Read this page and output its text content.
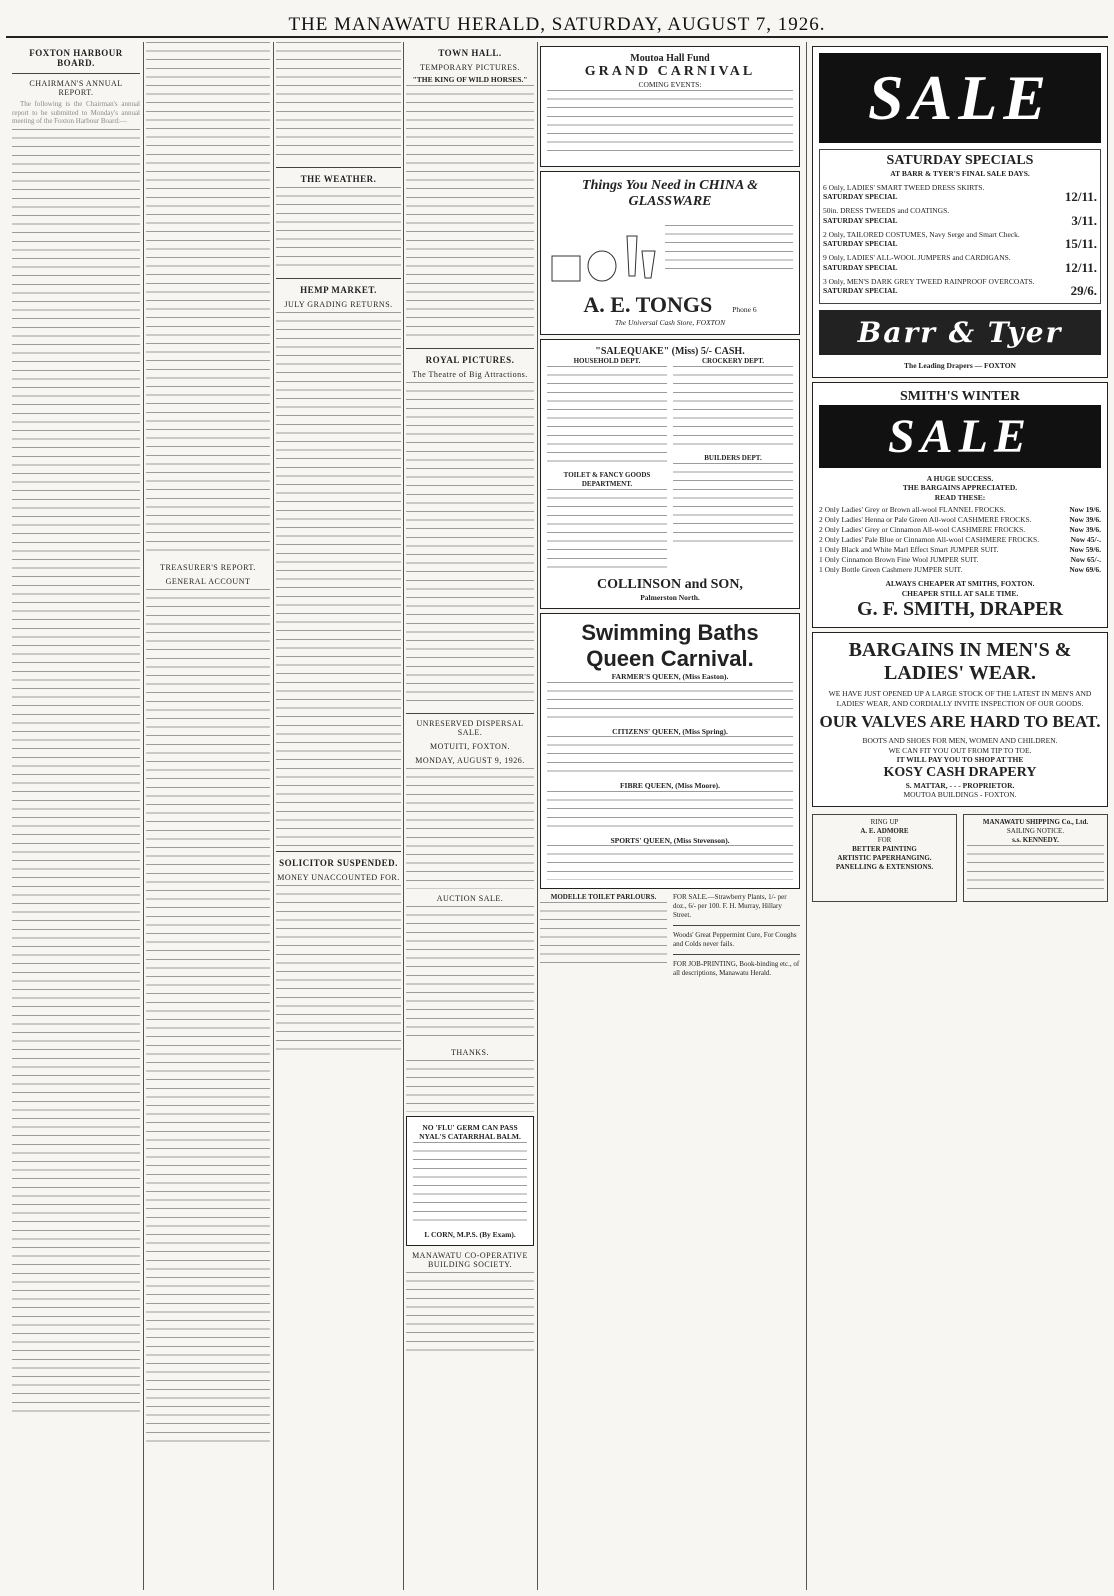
THE MANAWATU HERALD, SATURDAY, AUGUST 7, 1926.
FOXTON HARBOUR BOARD.
CHAIRMAN'S ANNUAL REPORT.

The following is the Chairman's annual report to be submitted to Monday's annual meeting of the Foxton Harbour Board:—

TREASURER'S REPORT.
GENERAL ACCOUNT
THE WEATHER.
HEMP MARKET.
JULY GRADING RETURNS.
SOLICITOR SUSPENDED.
MONEY UNACCOUNTED FOR.
TOWN HALL.
TEMPORARY PICTURES.
"THE KING OF WILD HORSES."
ROYAL PICTURES.
The Theatre of Big Attractions.
UNRESERVED DISPERSAL SALE.
MOTUITI, FOXTON.
MONDAY, AUGUST 9, 1926.
AUCTION SALE.
THANKS.
NO 'FLU' GERM CAN PASS
NYAL'S CATARRHAL BALM.
I. CORN, M.P.S. (By Exam).
MANAWATU CO-OPERATIVE BUILDING SOCIETY.
Moutoa Hall Fund
GRAND CARNIVAL
COMING EVENTS:
Things You Need in CHINA & GLASSWARE
A. E. TONGS	Phone 6
The Universal Cash Store, FOXTON
"SALEQUAKE" (Miss) 5/- CASH.
HOUSEHOLD DEPT.
TOILET & FANCY GOODS DEPARTMENT.
CROCKERY DEPT.
BUILDERS DEPT.
COLLINSON and SON,
Palmerston North.
Swimming Baths Queen Carnival.
FARMER'S QUEEN, (Miss Easton).
CITIZENS' QUEEN, (Miss Spring).
FIBRE QUEEN, (Miss Moore).
SPORTS' QUEEN, (Miss Stevenson).
MODELLE TOILET PARLOURS.	FOR SALE.—Strawberry Plants, 1/- per doz., 6/- per 100. F. H. Murray, Hillary Street.
Woods' Great Peppermint Cure, For Coughs and Colds never fails.
FOR JOB-PRINTING, Book-binding etc., of all descriptions, Manawatu Herald.
SALE
SATURDAY SPECIALS
AT BARR & TYER'S FINAL SALE DAYS.
6 Only, LADIES' SMART TWEED DRESS SKIRTS.
SATURDAY SPECIAL	12/11.
50in. DRESS TWEEDS and COATINGS.
SATURDAY SPECIAL	3/11.
2 Only, TAILORED COSTUMES, Navy Serge and Smart Check.
SATURDAY SPECIAL	15/11.
9 Only, LADIES' ALL-WOOL JUMPERS and CARDIGANS.
SATURDAY SPECIAL	12/11.
3 Only, MEN'S DARK GREY TWEED RAINPROOF OVERCOATS.
SATURDAY SPECIAL	29/6.
Barr & Tyer
The Leading Drapers — FOXTON
SMITH'S WINTER
SALE
A HUGE SUCCESS.
THE BARGAINS APPRECIATED.
READ THESE:
2 Only Ladies' Grey or Brown all-wool FLANNEL FROCKS.	Now 19/6.
2 Only Ladies' Henna or Pale Green All-wool CASHMERE FROCKS.	Now 39/6.
2 Only Ladies' Grey or Cinnamon All-wool CASHMERE FROCKS.	Now 39/6.
2 Only Ladies' Pale Blue or Cinnamon All-wool CASHMERE FROCKS.	Now 45/-.
1 Only Black and White Marl Effect Smart JUMPER SUIT.	Now 59/6.
1 Only Cinnamon Brown Fine Wool JUMPER SUIT.	Now 65/-.
1 Only Bottle Green Cashmere JUMPER SUIT.	Now 69/6.
ALWAYS CHEAPER AT SMITHS, FOXTON.
CHEAPER STILL AT SALE TIME.
G. F. SMITH, DRAPER
BARGAINS IN MEN'S & LADIES' WEAR.
WE HAVE JUST OPENED UP A LARGE STOCK OF THE LATEST IN MEN'S AND LADIES' WEAR, AND CORDIALLY INVITE INSPECTION OF OUR GOODS.
OUR VALVES ARE HARD TO BEAT.
BOOTS AND SHOES FOR MEN, WOMEN AND CHILDREN.
WE CAN FIT YOU OUT FROM TIP TO TOE.
IT WILL PAY YOU TO SHOP AT THE
KOSY CASH DRAPERY
S. MATTAR, - - - PROPRIETOR.
MOUTOA BUILDINGS - FOXTON.
RING UP
A. E. ADMORE
FOR
BETTER PAINTING
ARTISTIC PAPERHANGING.
PANELLING & EXTENSIONS.
MANAWATU SHIPPING Co., Ltd.
SAILING NOTICE.
s.s. KENNEDY.
